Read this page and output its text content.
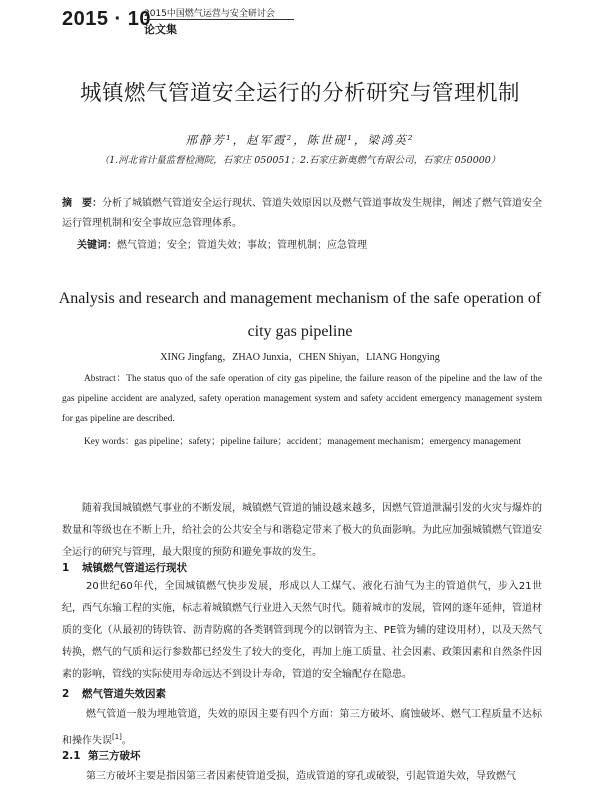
2015 · 10
2015中国燃气运营与安全研讨会
论文集
城镇燃气管道安全运行的分析研究与管理机制
邢静芳¹，赵军霞²，陈世砚¹，梁鸿英²
（1.河北省计量监督检测院，石家庄 050051；2.石家庄新奥燃气有限公司，石家庄 050000）
摘　要：分析了城镇燃气管道安全运行现状、管道失效原因以及燃气管道事故发生规律，阐述了燃气管道安全运行管理机制和安全事故应急管理体系。
关键词：燃气管道；安全；管道失效；事故；管理机制；应急管理
Analysis and research and management mechanism of the safe operation of
city gas pipeline
XING Jingfang，ZHAO Junxia，CHEN Shiyan，LIANG Hongying
Abstract：The status quo of the safe operation of city gas pipeline, the failure reason of the pipeline and the law of the gas pipeline accident are analyzed, safety operation management system and safety accident emergency management system for gas pipeline are described.
Key words：gas pipeline；safety；pipeline failure；accident；management mechanism；emergency management
随着我国城镇燃气事业的不断发展，城镇燃气管道的铺设越来越多，因燃气管道泄漏引发的火灾与爆炸的数量和等级也在不断上升，给社会的公共安全与和谐稳定带来了极大的负面影响。为此应加强城镇燃气管道安全运行的研究与管理，最大限度的预防和避免事故的发生。
1 城镇燃气管道运行现状
20世纪60年代，全国城镇燃气快步发展，形成以人工煤气、液化石油气为主的管道供气，步入21世纪，西气东输工程的实施，标志着城镇燃气行业进入天然气时代。随着城市的发展，管网的逐年延伸，管道材质的变化（从最初的铸铁管、沥青防腐的各类钢管到现今的以钢管为主、PE管为辅的建设用材），以及天然气转换，燃气的气质和运行参数都已经发生了较大的变化，再加上施工质量、社会因素、政策因素和自然条件因素的影响，管线的实际使用寿命远达不到设计寿命，管道的安全输配存在隐患。
2 燃气管道失效因素
燃气管道一般为埋地管道，失效的原因主要有四个方面：第三方破坏、腐蚀破坏、燃气工程质量不达标和操作失误[1]。
2.1 第三方破坏
第三方破坏主要是指因第三者因素使管道受损，造成管道的穿孔或破裂，引起管道失效，导致燃气
